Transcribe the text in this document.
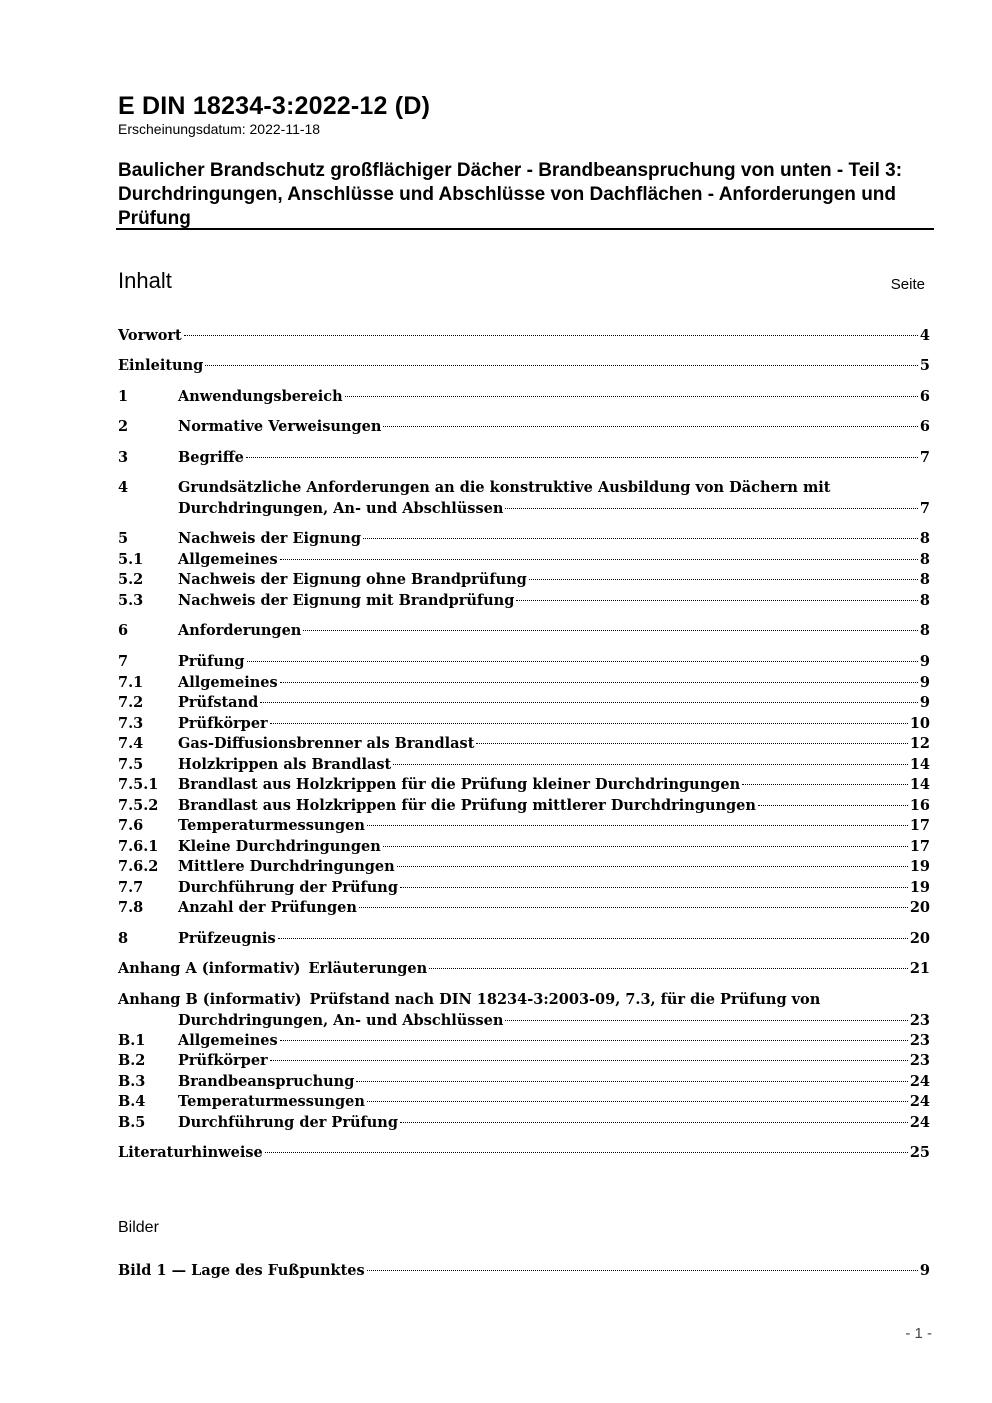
E DIN 18234-3:2022-12 (D)
Erscheinungsdatum: 2022-11-18
Baulicher Brandschutz großflächiger Dächer - Brandbeanspruchung von unten - Teil 3: Durchdringungen, Anschlüsse und Abschlüsse von Dachflächen - Anforderungen und Prüfung
Inhalt	Seite
Vorwort	4
Einleitung	5
1	Anwendungsbereich	6
2	Normative Verweisungen	6
3	Begriffe	7
4	Grundsätzliche Anforderungen an die konstruktive Ausbildung von Dächern mit
Durchdringungen, An- und Abschlüssen	7
5	Nachweis der Eignung	8
5.1	Allgemeines	8
5.2	Nachweis der Eignung ohne Brandprüfung	8
5.3	Nachweis der Eignung mit Brandprüfung	8
6	Anforderungen	8
7	Prüfung	9
7.1	Allgemeines	9
7.2	Prüfstand	9
7.3	Prüfkörper	10
7.4	Gas-Diffusionsbrenner als Brandlast	12
7.5	Holzkrippen als Brandlast	14
7.5.1	Brandlast aus Holzkrippen für die Prüfung kleiner Durchdringungen	14
7.5.2	Brandlast aus Holzkrippen für die Prüfung mittlerer Durchdringungen	16
7.6	Temperaturmessungen	17
7.6.1	Kleine Durchdringungen	17
7.6.2	Mittlere Durchdringungen	19
7.7	Durchführung der Prüfung	19
7.8	Anzahl der Prüfungen	20
8	Prüfzeugnis	20
Anhang A (informativ) Erläuterungen	21
Anhang B (informativ) Prüfstand nach DIN 18234-3:2003-09, 7.3, für die Prüfung von
Durchdringungen, An- und Abschlüssen	23
B.1	Allgemeines	23
B.2	Prüfkörper	23
B.3	Brandbeanspruchung	24
B.4	Temperaturmessungen	24
B.5	Durchführung der Prüfung	24
Literaturhinweise	25
Bild 1 — Lage des Fußpunktes	9
Bilder
- 1 -
